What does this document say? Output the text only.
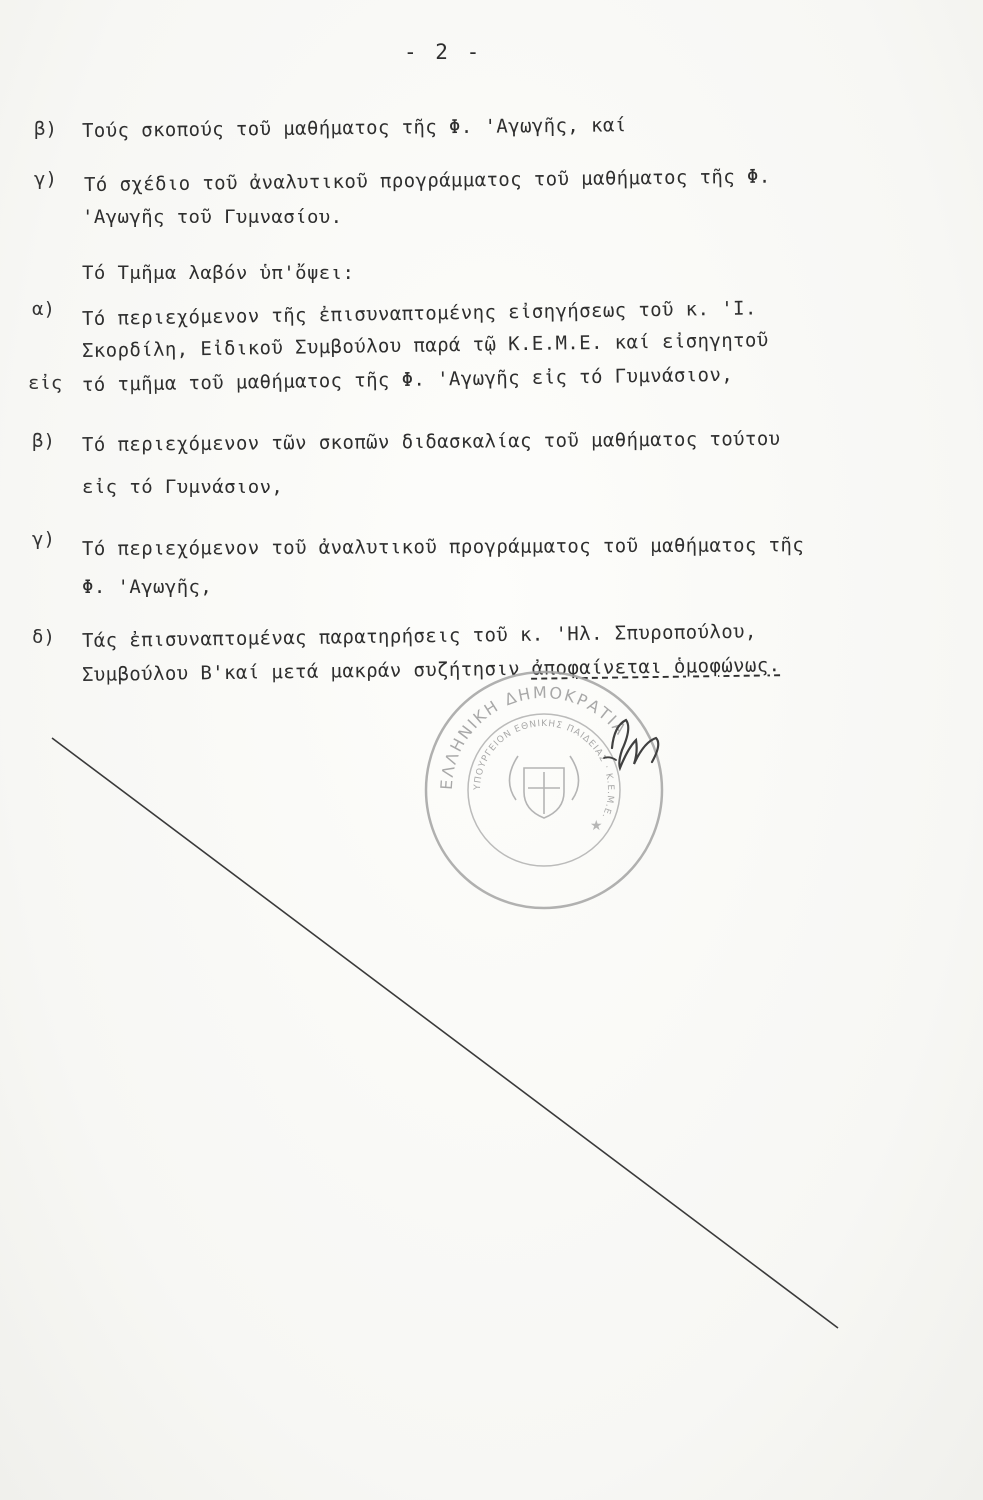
- 2 -
β) Τούς σκοπούς τοῦ μαθήματος τῆς Φ. 'Αγωγῆς, καί
γ) Τό σχέδιο τοῦ ἀναλυτικοῦ προγράμματος τοῦ μαθήματος τῆς Φ.
'Αγωγῆς τοῦ Γυμνασίου.
Τό Τμῆμα λαβόν ὑπ'ὄψει:
α) Τό περιεχόμενον τῆς ἐπισυναπτομένης εἰσηγήσεως τοῦ κ. 'Ι.
Σκορδίλη, Εἰδικοῦ Συμβούλου παρά τῷ Κ.Ε.Μ.Ε. καί εἰσηγητοῦ
εἰς τό τμῆμα τοῦ μαθήματος τῆς Φ. 'Αγωγῆς εἰς τό Γυμνάσιον,
β) Τό περιεχόμενον τῶν σκοπῶν διδασκαλίας τοῦ μαθήματος τούτου
εἰς τό Γυμνάσιον,
γ) Τό περιεχόμενον τοῦ ἀναλυτικοῦ προγράμματος τοῦ μαθήματος τῆς
Φ. 'Αγωγῆς,
δ) Τάς ἐπισυναπτομένας παρατηρήσεις τοῦ κ. 'Ηλ. Σπυροπούλου,
Συμβούλου Β'καί μετά μακράν συζήτησιν ἀποφαίνεται ὁμοφώνως.
ΕΛΛΗΝΙΚΗ ΔΗΜΟΚΡΑΤΙΑ
ΥΠΟΥΡΓΕΙΟΝ ΕΘΝΙΚΗΣ ΠΑΙΔΕΙΑΣ · Κ.Ε.Μ.Ε.
★
